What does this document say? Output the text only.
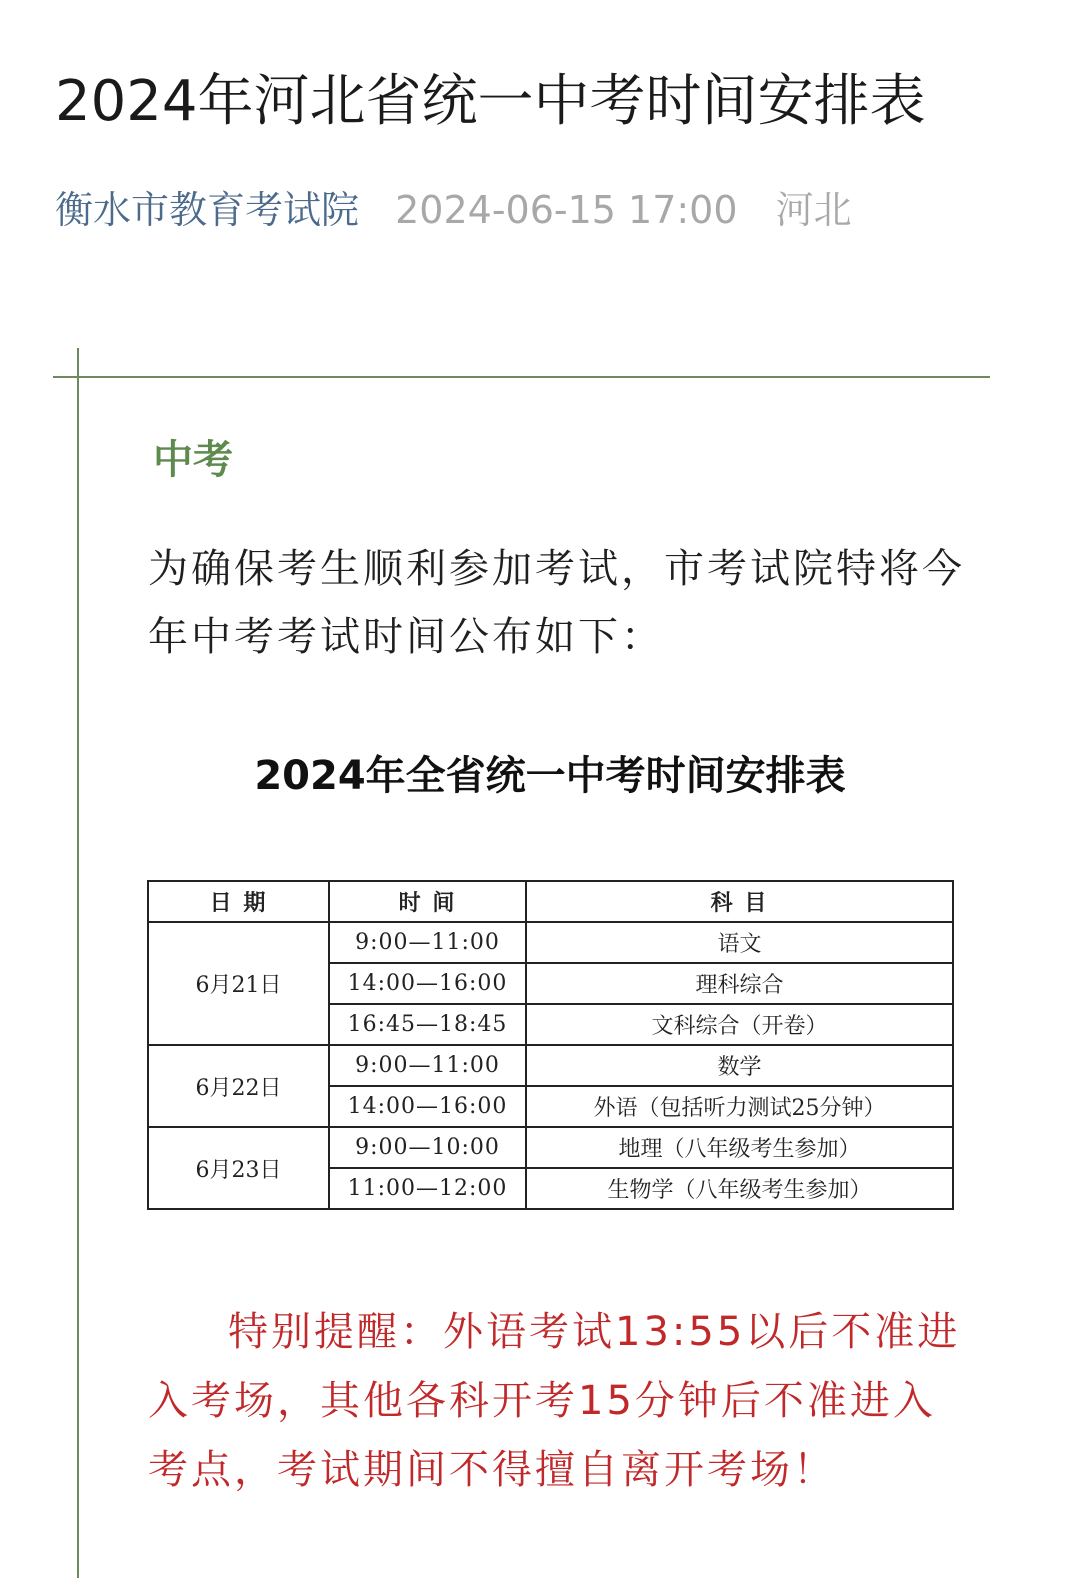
2024年河北省统一中考时间安排表
衡水市教育考试院 2024-06-15 17:00 河北
中考
为确保考生顺利参加考试，市考试院特将今年中考考试时间公布如下：
2024年全省统一中考时间安排表
日 期	时 间	科 目
6月21日	9:00—11:00	语文
	14:00—16:00	理科综合
	16:45—18:45	文科综合（开卷）
6月22日	9:00—11:00	数学
	14:00—16:00	外语（包括听力测试25分钟）
6月23日	9:00—10:00	地理（八年级考生参加）
	11:00—12:00	生物学（八年级考生参加）
特别提醒：外语考试13:55以后不准进入考场，其他各科开考15分钟后不准进入考点，考试期间不得擅自离开考场！
